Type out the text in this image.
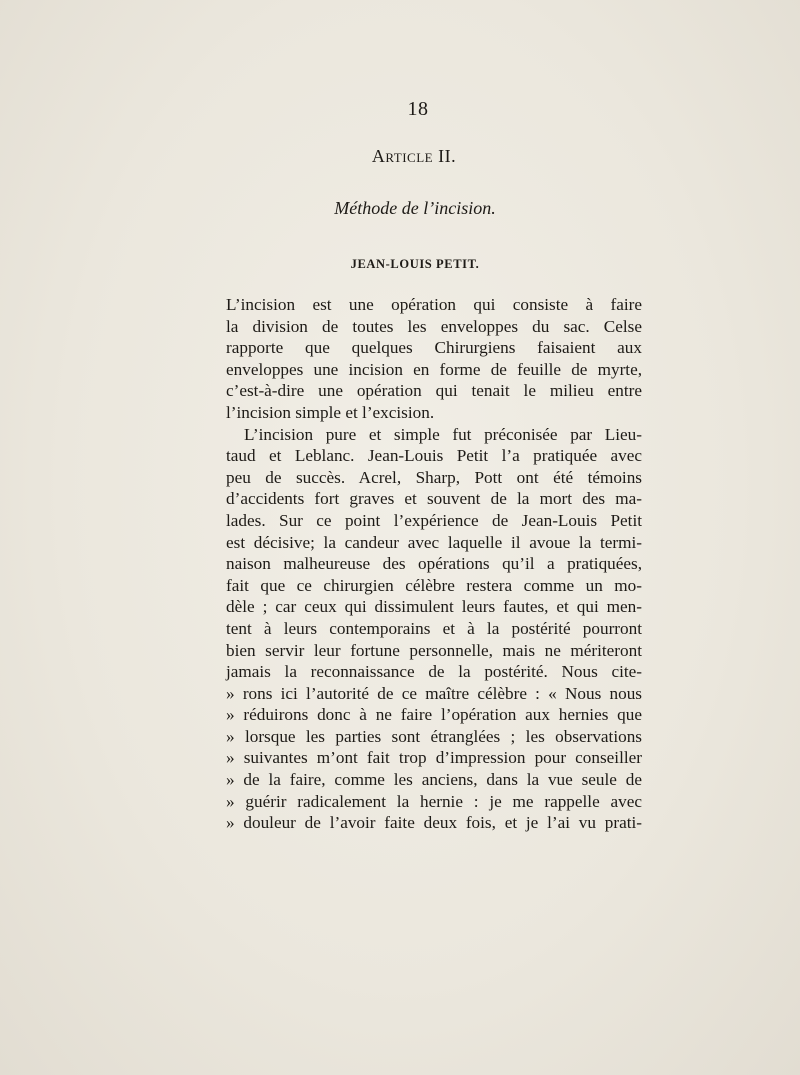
18
Article II.
Méthode de l’incision.
JEAN-LOUIS PETIT.
L’incision est une opération qui consiste à faire
la division de toutes les enveloppes du sac. Celse
rapporte que quelques Chirurgiens faisaient aux
enveloppes une incision en forme de feuille de myrte,
c’est-à-dire une opération qui tenait le milieu entre
l’incision simple et l’excision.
L’incision pure et simple fut préconisée par Lieu-
taud et Leblanc. Jean-Louis Petit l’a pratiquée avec
peu de succès. Acrel, Sharp, Pott ont été témoins
d’accidents fort graves et souvent de la mort des ma-
lades. Sur ce point l’expérience de Jean-Louis Petit
est décisive; la candeur avec laquelle il avoue la termi-
naison malheureuse des opérations qu’il a pratiquées,
fait que ce chirurgien célèbre restera comme un mo-
dèle ; car ceux qui dissimulent leurs fautes, et qui men-
tent à leurs contemporains et à la postérité pourront
bien servir leur fortune personnelle, mais ne mériteront
jamais la reconnaissance de la postérité. Nous cite-
» rons ici l’autorité de ce maître célèbre : « Nous nous
» réduirons donc à ne faire l’opération aux hernies que
» lorsque les parties sont étranglées ; les observations
» suivantes m’ont fait trop d’impression pour conseiller
» de la faire, comme les anciens, dans la vue seule de
» guérir radicalement la hernie : je me rappelle avec
» douleur de l’avoir faite deux fois, et je l’ai vu prati-
